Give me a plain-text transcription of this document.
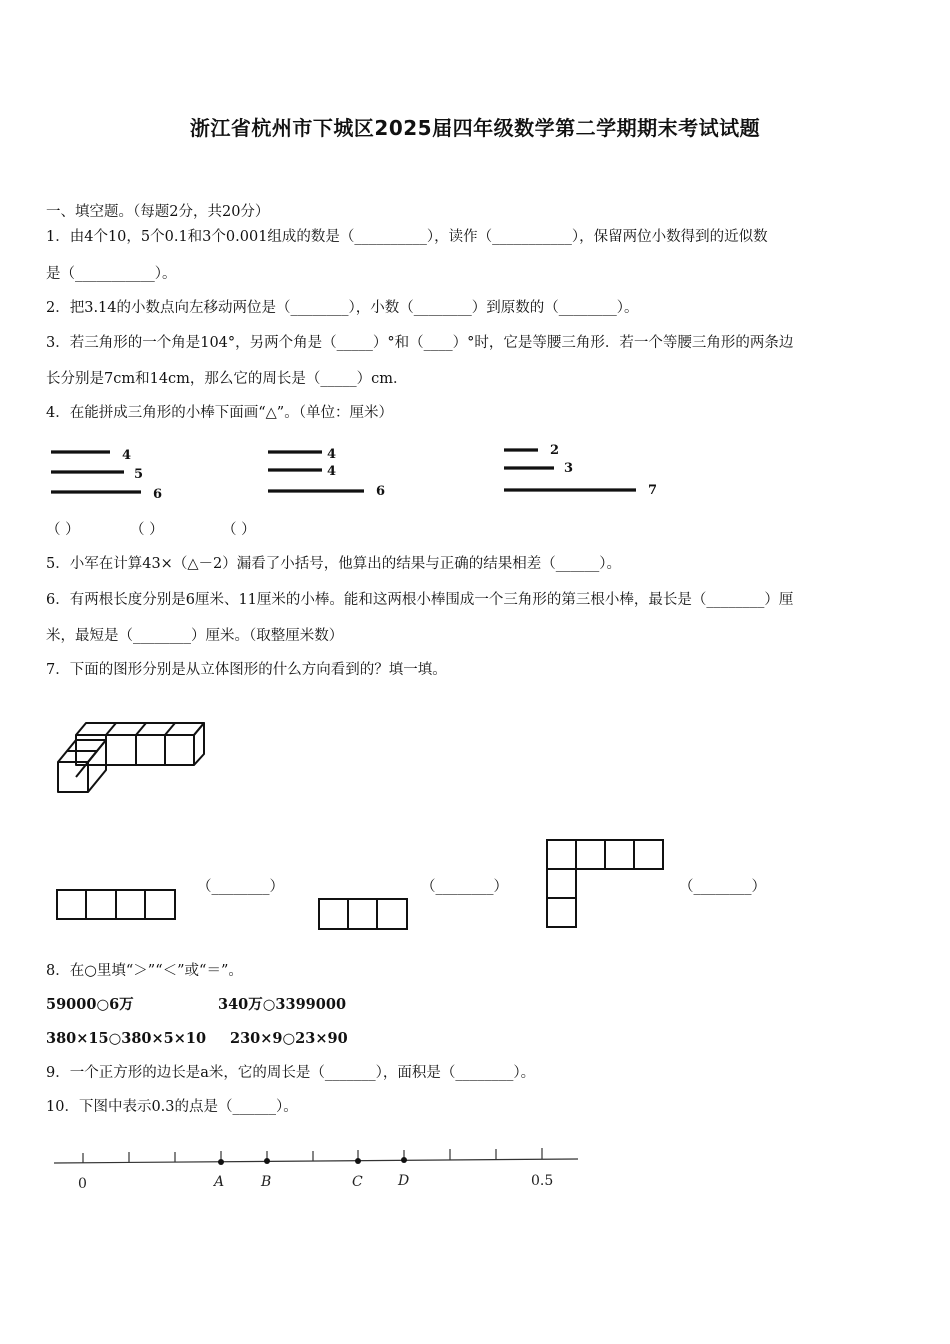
浙江省杭州市下城区2025届四年级数学第二学期期末考试试题
一、填空题。（每题2分，共20分）
1．由4个10，5个0.1和3个0.001组成的数是（__________），读作（___________），保留两位小数得到的近似数
是（___________）。
2．把3.14的小数点向左移动两位是（________），小数（________）到原数的（________）。
3．若三角形的一个角是104°，另两个角是（_____）°和（____）°时，它是等腰三角形．若一个等腰三角形的两条边
长分别是7cm和14cm，那么它的周长是（_____）cm．
4．在能拼成三角形的小棒下面画“△”。（单位：厘米）
4
5
6
4
4
6
2
3
7
（ ）	（ ）	（ ）
5．小军在计算43×（△－2）漏看了小括号，他算出的结果与正确的结果相差（______）。
6．有两根长度分别是6厘米、11厘米的小棒。能和这两根小棒围成一个三角形的第三根小棒，最长是（________）厘
米，最短是（________）厘米。（取整厘米数）
7．下面的图形分别是从立体图形的什么方向看到的？填一填。
（________）	（________）	（________）
8．在○里填“＞”“＜”或“＝”。
59000○6万	340万○3399000
380×15○380×5×10 230×9○23×90
9．一个正方形的边长是a米，它的周长是（_______），面积是（________）。
10．下图中表示0.3的点是（______）。
0	A	B	C	D	0.5
